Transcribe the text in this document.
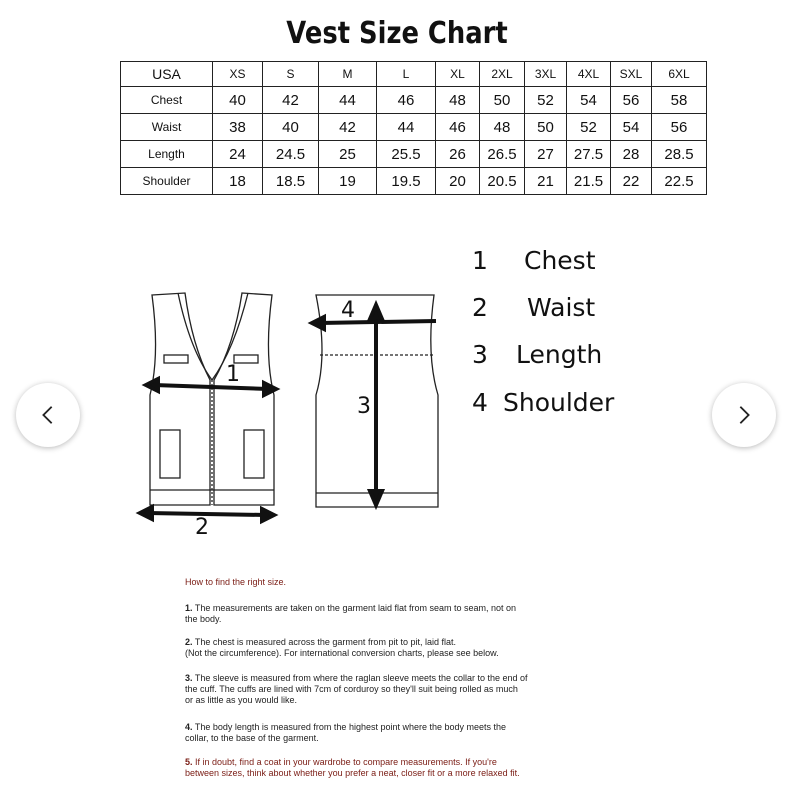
Vest Size Chart
USA	XS	S	M	L	XL	2XL	3XL	4XL	SXL	6XL
Chest	40	42	44	46	48	50	52	54	56	58
Waist	38	40	42	44	46	48	50	52	54	56
Length	24	24.5	25	25.5	26	26.5	27	27.5	28	28.5
Shoulder	18	18.5	19	19.5	20	20.5	21	21.5	22	22.5
1
2
3
4
1 Chest
2 Waist
3 Length
4 Shoulder
How to find the right size.
1. The measurements are taken on the garment laid flat from seam to seam, not on
the body.
2. The chest is measured across the garment from pit to pit, laid flat.
(Not the circumference). For international conversion charts, please see below.
3. The sleeve is measured from where the raglan sleeve meets the collar to the end of
the cuff. The cuffs are lined with 7cm of corduroy so they'll suit being rolled as much
or as little as you would like.
4. The body length is measured from the highest point where the body meets the
collar, to the base of the garment.
5. If in doubt, find a coat in your wardrobe to compare measurements. If you're
between sizes, think about whether you prefer a neat, closer fit or a more relaxed fit.
